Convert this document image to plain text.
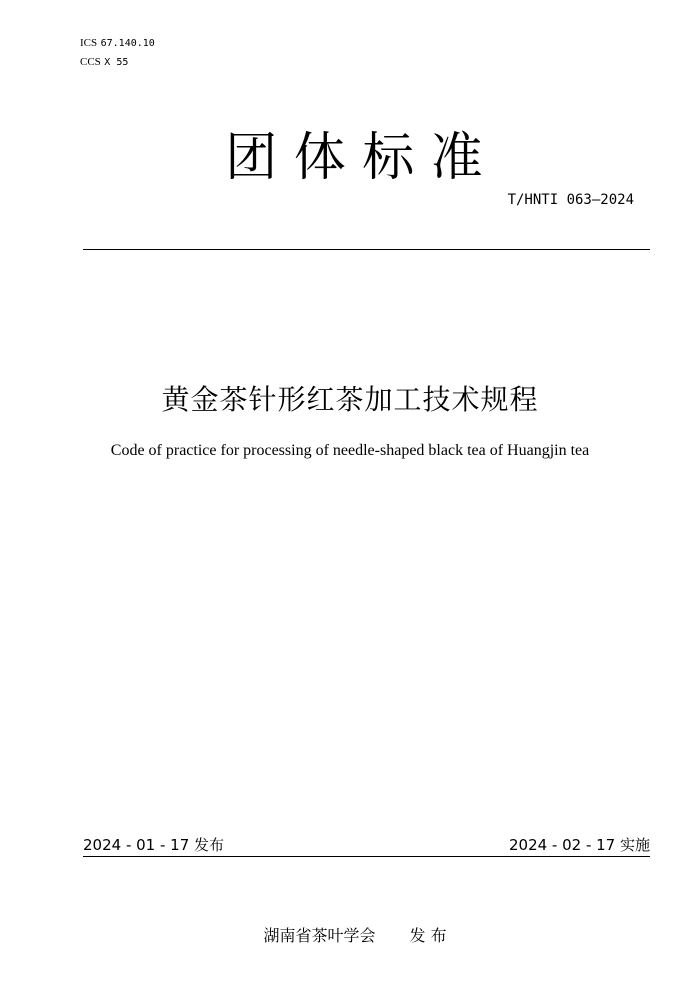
ICS 67.140.10
CCS X 55
团 体 标 准
T/HNTI 063—2024
黄金茶针形红茶加工技术规程
Code of practice for processing of needle-shaped black tea of Huangjin tea
2024 - 01 - 17 发布	2024 - 02 - 17 实施

湖南省茶叶学会 发 布
